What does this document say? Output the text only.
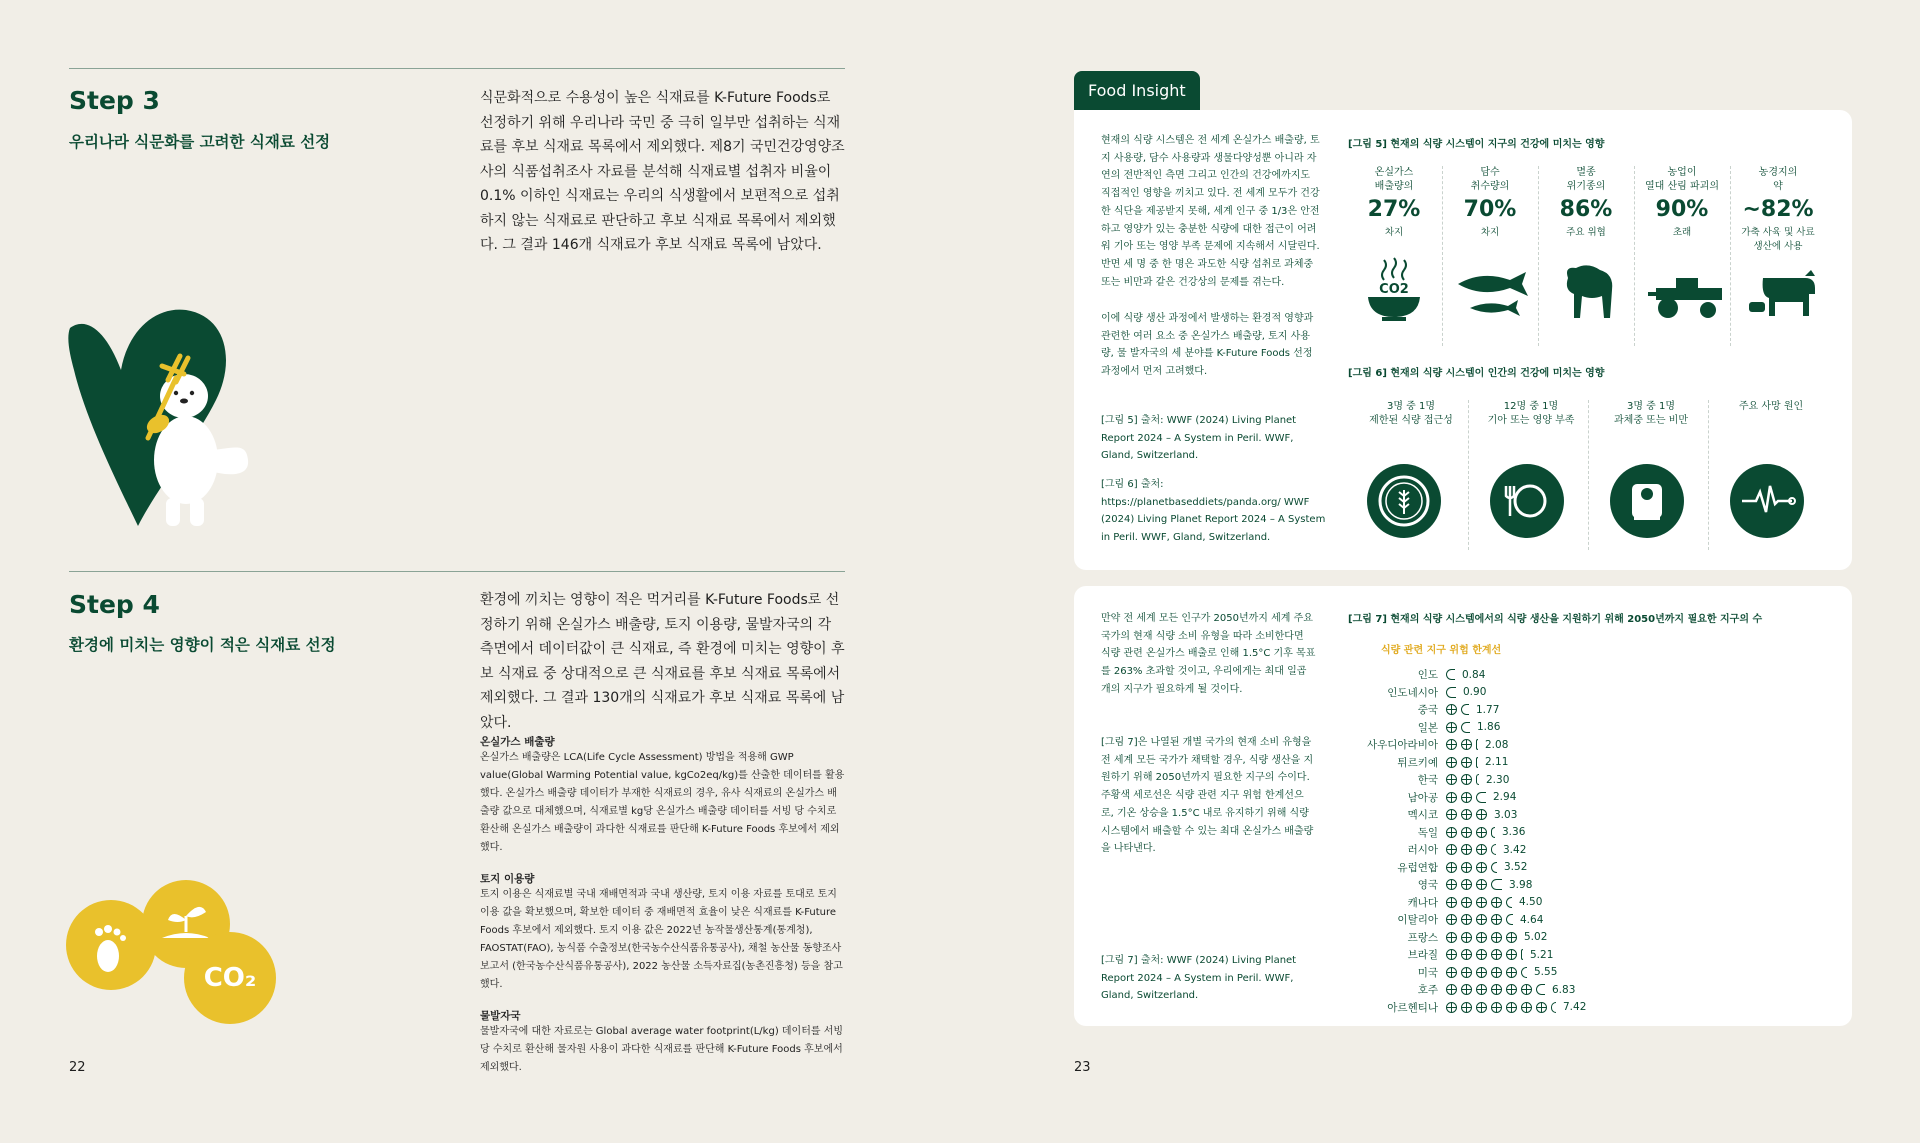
Step 3
우리나라 식문화를 고려한 식재료 선정
식문화적으로 수용성이 높은 식재료를 K-Future Foods로 선정하기 위해 우리나라 국민 중 극히 일부만 섭취하는 식재료를 후보 식재료 목록에서 제외했다. 제8기 국민건강영양조사의 식품섭취조사 자료를 분석해 식재료별 섭취자 비율이 0.1% 이하인 식재료는 우리의 식생활에서 보편적으로 섭취하지 않는 식재료로 판단하고 후보 식재료 목록에서 제외했다. 그 결과 146개 식재료가 후보 식재료 목록에 남았다.
Step 4
환경에 미치는 영향이 적은 식재료 선정
환경에 끼치는 영향이 적은 먹거리를 K-Future Foods로 선정하기 위해 온실가스 배출량, 토지 이용량, 물발자국의 각 측면에서 데이터값이 큰 식재료, 즉 환경에 미치는 영향이 후보 식재료 중 상대적으로 큰 식재료를 후보 식재료 목록에서 제외했다. 그 결과 130개의 식재료가 후보 식재료 목록에 남았다.
온실가스 배출량
온실가스 배출량은 LCA(Life Cycle Assessment) 방법을 적용해 GWP value(Global Warming Potential value, kgCo2eq/kg)를 산출한 데이터를 활용했다. 온실가스 배출량 데이터가 부재한 식재료의 경우, 유사 식재료의 온실가스 배출량 값으로 대체했으며, 식재료별 kg당 온실가스 배출량 데이터를 서빙 당 수치로 환산해 온실가스 배출량이 과다한 식재료를 판단해 K-Future Foods 후보에서 제외했다.
토지 이용량
토지 이용은 식재료별 국내 재배면적과 국내 생산량, 토지 이용 자료를 토대로 토지 이용 값을 확보했으며, 확보한 데이터 중 재배면적 효율이 낮은 식재료를 K-Future Foods 후보에서 제외했다. 토지 이용 값은 2022년 농작물생산통계(통계청), FAOSTAT(FAO), 농식품 수출정보(한국농수산식품유통공사), 채철 농산물 동향조사 보고서 (한국농수산식품유통공사), 2022 농산물 소득자료집(농촌진흥청) 등을 참고했다.
물발자국
물발자국에 대한 자료로는 Global average water footprint(L/kg) 데이터를 서빙 당 수치로 환산해 물자원 사용이 과다한 식재료를 판단해 K-Future Foods 후보에서 제외했다.
CO₂
22
Food Insight
현재의 식량 시스템은 전 세계 온실가스 배출량, 토지 사용량, 담수 사용량과 생물다양성뿐 아니라 자연의 전반적인 측면 그리고 인간의 건강에까지도 직접적인 영향을 끼치고 있다. 전 세계 모두가 건강한 식단을 제공받지 못해, 세계 인구 중 1/3은 안전하고 영양가 있는 충분한 식량에 대한 접근이 어려워 기아 또는 영양 부족 문제에 지속해서 시달린다. 반면 세 명 중 한 명은 과도한 식량 섭취로 과체중 또는 비만과 같은 건강상의 문제를 겪는다.
이에 식량 생산 과정에서 발생하는 환경적 영향과 관련한 여러 요소 중 온실가스 배출량, 토지 사용량, 물 발자국의 세 분야를 K-Future Foods 선정 과정에서 먼저 고려했다.
[그림 5] 출처: WWF (2024) Living Planet Report 2024 – A System in Peril. WWF, Gland, Switzerland.
[그림 6] 출처: https://planetbaseddiets/panda.org/ WWF (2024) Living Planet Report 2024 – A System in Peril. WWF, Gland, Switzerland.
[그림 5] 현재의 식량 시스템이 지구의 건강에 미치는 영향
온실가스
배출량의
27%
차지
담수
취수량의
70%
차지
멸종
위기종의
86%
주요 위협
농업이
열대 산림 파괴의
90%
초래
농경지의
약
~82%
가축 사육 및 사료
생산에 사용
CO2
[그림 6] 현재의 식량 시스템이 인간의 건강에 미치는 영향
3명 중 1명
제한된 식량 접근성
12명 중 1명
기아 또는 영양 부족
3명 중 1명
과체중 또는 비만
주요 사망 원인
만약 전 세계 모든 인구가 2050년까지 세계 주요 국가의 현재 식량 소비 유형을 따라 소비한다면 식량 관련 온실가스 배출로 인해 1.5°C 기후 목표를 263% 초과할 것이고, 우리에게는 최대 일곱 개의 지구가 필요하게 될 것이다.
[그림 7]은 나열된 개별 국가의 현재 소비 유형을 전 세계 모든 국가가 채택할 경우, 식량 생산을 지원하기 위해 2050년까지 필요한 지구의 수이다. 주황색 세로선은 식량 관련 지구 위험 한계선으로, 기온 상승을 1.5°C 내로 유지하기 위해 식량 시스템에서 배출할 수 있는 최대 온실가스 배출량을 나타낸다.
[그림 7] 출처: WWF (2024) Living Planet Report 2024 – A System in Peril. WWF, Gland, Switzerland.
[그림 7] 현재의 식량 시스템에서의 식량 생산을 지원하기 위해 2050년까지 필요한 지구의 수
식량 관련 지구 위험 한계선
인도	0.84
인도네시아	0.90
중국	1.77
일본	1.86
사우디아라비아	2.08
튀르키예	2.11
한국	2.30
남아공	2.94
멕시코	3.03
독일	3.36
러시아	3.42
유럽연합	3.52
영국	3.98
캐나다	4.50
이탈리아	4.64
프랑스	5.02
브라질	5.21
미국	5.55
호주	6.83
아르헨티나	7.42
23
